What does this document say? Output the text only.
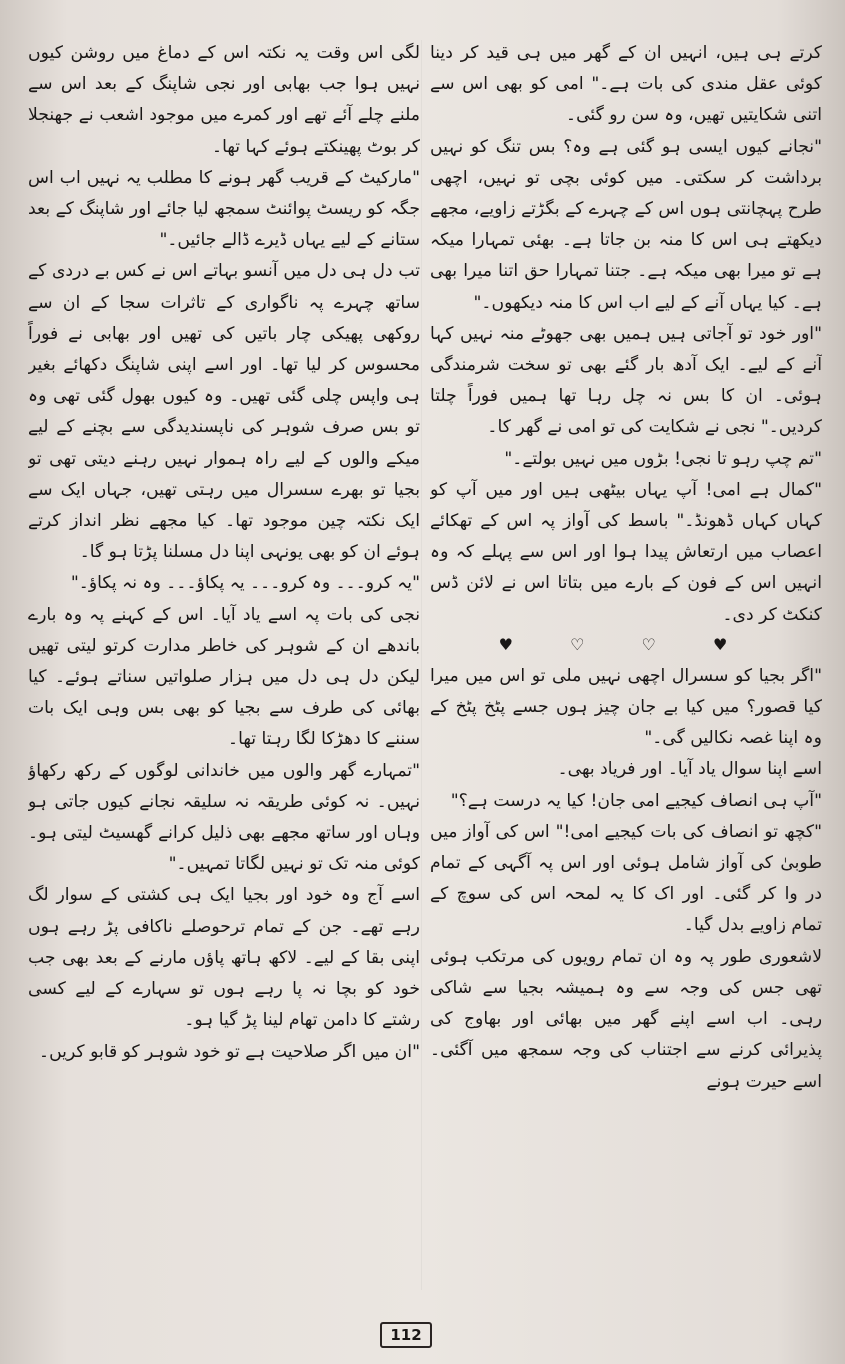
کرتے ہی ہیں، انہیں ان کے گھر میں ہی قید کر دینا کوئی عقل مندی کی بات ہے۔" امی کو بھی اس سے اتنی شکایتیں تھیں، وہ سن رو گئی۔

"نجانے کیوں ایسی ہو گئی ہے وہ؟ بس تنگ کو نہیں برداشت کر سکتی۔ میں کوئی بچی تو نہیں، اچھی طرح پہچانتی ہوں اس کے چہرے کے بگڑتے زاویے، مجھے دیکھتے ہی اس کا منہ بن جاتا ہے۔ بھئی تمہارا میکہ ہے تو میرا بھی میکہ ہے۔ جتنا تمہارا حق اتنا میرا بھی ہے۔ کیا یہاں آنے کے لیے اب اس کا منہ دیکھوں۔"

"اور خود تو آجاتی ہیں ہمیں بھی جھوٹے منہ نہیں کہا آنے کے لیے۔ ایک آدھ بار گئے بھی تو سخت شرمندگی ہوئی۔ ان کا بس نہ چل رہا تھا ہمیں فوراً چلتا کردیں۔" نجی نے شکایت کی تو امی نے گھر کا۔

"تم چپ رہو تا نجی! بڑوں میں نہیں بولتے۔"

"کمال ہے امی! آپ یہاں بیٹھی ہیں اور میں آپ کو کہاں کہاں ڈھونڈ۔" باسط کی آواز پہ اس کے تھکائے اعصاب میں ارتعاش پیدا ہوا اور اس سے پہلے کہ وہ انہیں اس کے فون کے بارے میں بتاتا اس نے لائن ڈس کنکٹ کر دی۔

♥ ♡ ♡ ♥

"اگر بجیا کو سسرال اچھی نہیں ملی تو اس میں میرا کیا قصور؟ میں کیا بے جان چیز ہوں جسے پٹخ پٹخ کے وہ اپنا غصہ نکالیں گی۔"

اسے اپنا سوال یاد آیا۔ اور فریاد بھی۔

"آپ ہی انصاف کیجیے امی جان! کیا یہ درست ہے؟"

"کچھ تو انصاف کی بات کیجیے امی!" اس کی آواز میں طوبیٰ کی آواز شامل ہوئی اور اس پہ آگہی کے تمام در وا کر گئی۔ اور اک کا یہ لمحہ اس کی سوچ کے تمام زاویے بدل گیا۔

لاشعوری طور پہ وہ ان تمام رویوں کی مرتکب ہوئی تھی جس کی وجہ سے وہ ہمیشہ بجیا سے شاکی رہی۔ اب اسے اپنے گھر میں بھائی اور بھاوج کی پذیرائی کرنے سے اجتناب کی وجہ سمجھ میں آگئی۔ اسے حیرت ہونے

لگی اس وقت یہ نکتہ اس کے دماغ میں روشن کیوں نہیں ہوا جب بھابی اور نجی شاپنگ کے بعد اس سے ملنے چلے آئے تھے اور کمرے میں موجود اشعب نے جھنجلا کر بوٹ پھینکتے ہوئے کہا تھا۔

"مارکیٹ کے قریب گھر ہونے کا مطلب یہ نہیں اب اس جگہ کو ریسٹ پوائنٹ سمجھ لیا جائے اور شاپنگ کے بعد ستانے کے لیے یہاں ڈیرے ڈالے جائیں۔"

تب دل ہی دل میں آنسو بہاتے اس نے کس بے دردی کے ساتھ چہرے پہ ناگواری کے تاثرات سجا کے ان سے روکھی پھیکی چار باتیں کی تھیں اور بھابی نے فوراً محسوس کر لیا تھا۔ اور اسے اپنی شاپنگ دکھائے بغیر ہی واپس چلی گئی تھیں۔ وہ کیوں بھول گئی تھی وہ تو بس صرف شوہر کی ناپسندیدگی سے بچنے کے لیے میکے والوں کے لیے راہ ہموار نہیں رہنے دیتی تھی تو بجیا تو بھرے سسرال میں رہتی تھیں، جہاں ایک سے ایک نکتہ چین موجود تھا۔ کیا مجھے نظر انداز کرتے ہوئے ان کو بھی یونہی اپنا دل مسلنا پڑتا ہو گا۔

"یہ کرو۔۔۔ وہ کرو۔۔۔ یہ پکاؤ۔۔۔ وہ نہ پکاؤ۔"

نجی کی بات پہ اسے یاد آیا۔ اس کے کہنے پہ وہ بارے باندھے ان کے شوہر کی خاطر مدارت کرتو لیتی تھیں لیکن دل ہی دل میں ہزار صلواتیں سناتے ہوئے۔ کیا بھائی کی طرف سے بجیا کو بھی بس وہی ایک بات سننے کا دھڑکا لگا رہتا تھا۔

"تمہارے گھر والوں میں خاندانی لوگوں کے رکھ رکھاؤ نہیں۔ نہ کوئی طریقہ نہ سلیقہ نجانے کیوں جاتی ہو وہاں اور ساتھ مجھے بھی ذلیل کرانے گھسیٹ لیتی ہو۔ کوئی منہ تک تو نہیں لگاتا تمہیں۔"

اسے آج وہ خود اور بجیا ایک ہی کشتی کے سوار لگ رہے تھے۔ جن کے تمام ترحوصلے ناکافی پڑ رہے ہوں اپنی بقا کے لیے۔ لاکھ ہاتھ پاؤں مارنے کے بعد بھی جب خود کو بچا نہ پا رہے ہوں تو سہارے کے لیے کسی رشتے کا دامن تھام لینا پڑ گیا ہو۔

"ان میں اگر صلاحیت ہے تو خود شوہر کو قابو کریں۔

112
